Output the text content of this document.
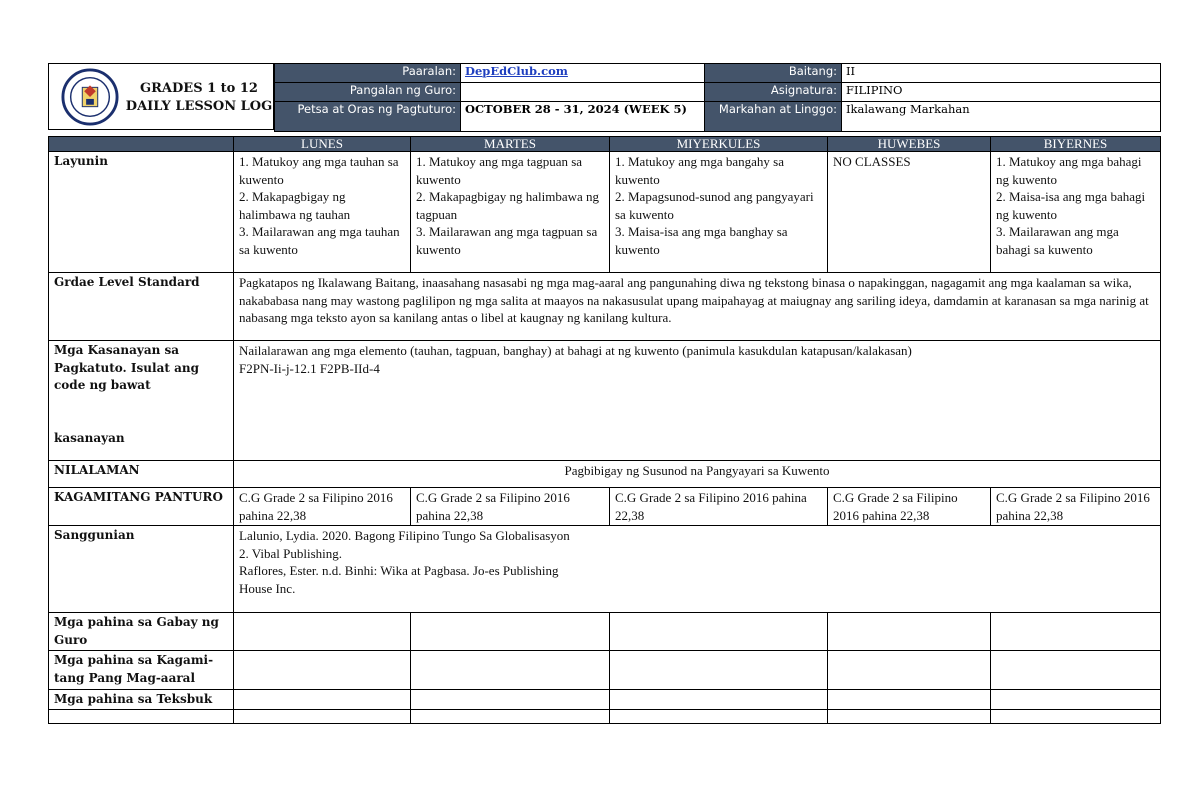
GRADES 1 to 12
DAILY LESSON LOG
Paaralan:	DepEdClub.com	Baitang:	II
Pangalan ng Guro:		Asignatura:	FILIPINO
Petsa at Oras ng Pagtuturo:	OCTOBER 28 - 31, 2024 (WEEK 5)	Markahan at Linggo:	Ikalawang Markahan
	LUNES	MARTES	MIYERKULES	HUWEBES	BIYERNES
Layunin	1. Matukoy ang mga tauhan sa kuwento
2. Makapagbigay ng halimbawa ng tauhan
3. Mailarawan ang mga tauhan sa kuwento	1. Matukoy ang mga tagpuan sa kuwento
2. Makapagbigay ng halimbawa ng tagpuan
3. Mailarawan ang mga tagpuan sa kuwento	1. Matukoy ang mga bangahy sa kuwento
2. Mapagsunod-sunod ang pangyayari sa kuwento
3. Maisa-isa ang mga banghay sa kuwento	NO CLASSES	1. Matukoy ang mga bahagi ng kuwento
2. Maisa-isa ang mga bahagi ng kuwento
3. Mailarawan ang mga bahagi sa kuwento
Grdae Level Standard	Pagkatapos ng Ikalawang Baitang, inaasahang nasasabi ng mga mag-aaral ang pangunahing diwa ng tekstong binasa o napakinggan, nagagamit ang mga kaalaman sa wika, nakababasa nang may wastong paglilipon ng mga salita at maayos na nakasusulat upang maipahayag at maiugnay ang sariling ideya, damdamin at karanasan sa mga narinig at nabasang mga teksto ayon sa kanilang antas o libel at kaugnay ng kanilang kultura.				
Mga Kasanayan sa Pagkatuto. Isulat ang code ng bawat

kasanayan	Nailalarawan ang mga elemento (tauhan, tagpuan, banghay) at bahagi at ng kuwento (panimula kasukdulan katapusan/kalakasan)
F2PN-Ii-j-12.1 F2PB-IId-4				
NILALAMAN	Pagbibigay ng Susunod na Pangyayari sa Kuwento				
KAGAMITANG PANTURO	C.G Grade 2 sa Filipino 2016 pahina 22,38	C.G Grade 2 sa Filipino 2016 pahina 22,38	C.G Grade 2 sa Filipino 2016 pahina 22,38	C.G Grade 2 sa Filipino 2016 pahina 22,38	C.G Grade 2 sa Filipino 2016 pahina 22,38
Sanggunian	Lalunio, Lydia. 2020. Bagong Filipino Tungo Sa Globalisasyon
2. Vibal Publishing.
Raflores, Ester. n.d. Binhi: Wika at Pagbasa. Jo-es Publishing
House Inc.				
Mga pahina sa Gabay ng Guro					
Mga pahina sa Kagami-tang Pang Mag-aaral					
Mga pahina sa Teksbuk					
